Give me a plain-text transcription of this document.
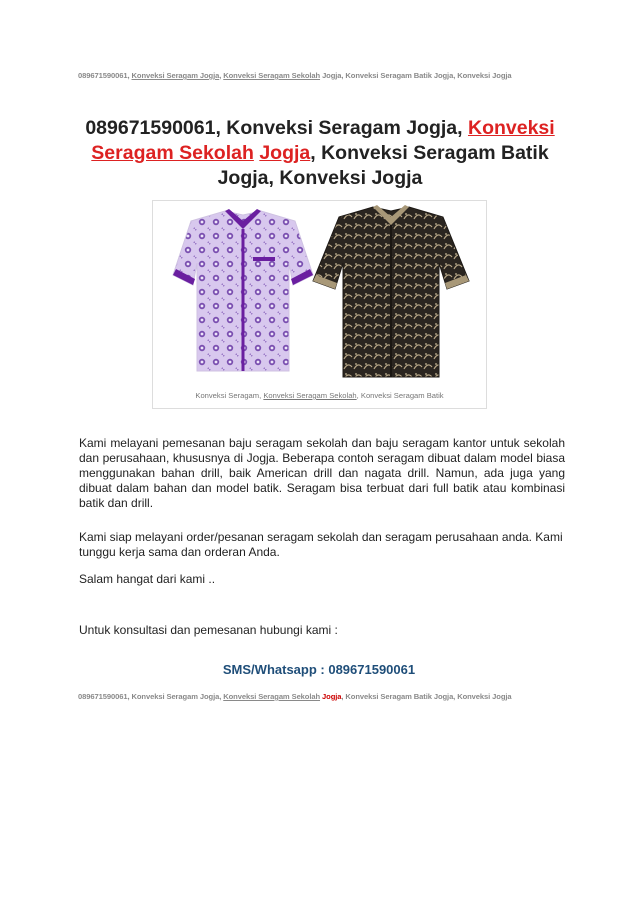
089671590061, Konveksi Seragam Jogja, Konveksi Seragam Sekolah Jogja, Konveksi Seragam Batik Jogja, Konveksi Jogja
089671590061, Konveksi Seragam Jogja, Konveksi Seragam Sekolah Jogja, Konveksi Seragam Batik Jogja, Konveksi Jogja
Konveksi Seragam, Konveksi Seragam Sekolah, Konveksi Seragam Batik
Kami melayani pemesanan baju seragam sekolah dan baju seragam kantor untuk sekolah dan perusahaan, khususnya di Jogja. Beberapa contoh seragam dibuat dalam model biasa menggunakan bahan drill, baik American drill dan nagata drill. Namun, ada juga yang dibuat dalam bahan dan model batik. Seragam bisa terbuat dari full batik atau kombinasi batik dan drill.
Kami siap melayani order/pesanan seragam sekolah dan seragam perusahaan anda. Kami tunggu kerja sama dan orderan Anda.
Salam hangat dari kami ..
Untuk konsultasi dan pemesanan hubungi kami :
SMS/Whatsapp : 089671590061
089671590061, Konveksi Seragam Jogja, Konveksi Seragam Sekolah Jogja, Konveksi Seragam Batik Jogja, Konveksi Jogja
